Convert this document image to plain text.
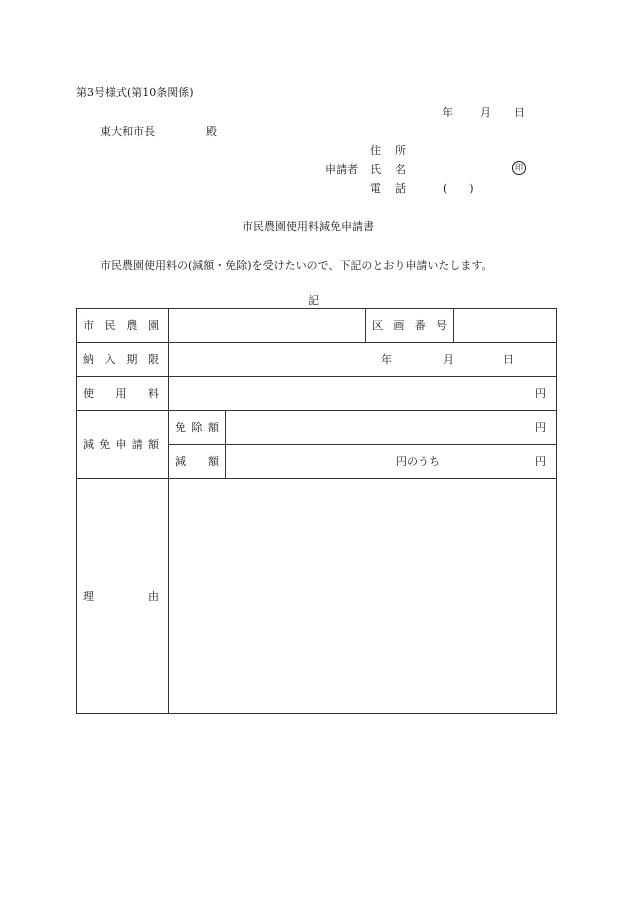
第3号様式(第10条関係)
年 月 日
東大和市長	殿
住 所
申請者 氏 名	印
電 話	(　　)
市民農園使用料減免申請書
市民農園使用料の(減額・免除)を受けたいので、下記のとおり申請いたします。
記
市 民 農 園			区 画 番 号	

納 入 期 限	年 月 日			

使 用 料	円			

減 免 申 請 額	免 除 額	円		

	減 額	円のうち 円		

理 由				
